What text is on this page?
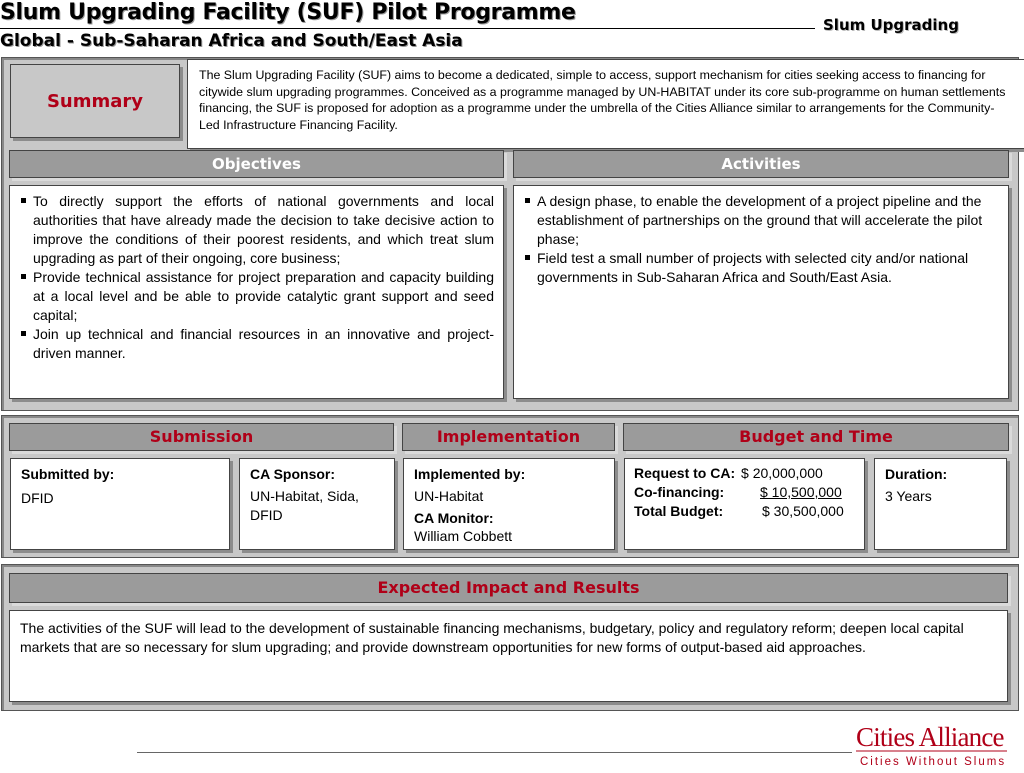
Slum Upgrading Facility (SUF) Pilot Programme
Global - Sub-Saharan Africa and South/East Asia
Slum Upgrading
Summary
The Slum Upgrading Facility (SUF) aims to become a dedicated, simple to access, support mechanism for cities seeking access to financing for citywide slum upgrading programmes. Conceived as a programme managed by UN-HABITAT under its core sub-programme on human settlements financing, the SUF is proposed for adoption as a programme under the umbrella of the Cities Alliance similar to arrangements for the Community-Led Infrastructure Financing Facility.
Objectives	Activities
To directly support the efforts of national governments and local authorities that have already made the decision to take decisive action to improve the conditions of their poorest residents, and which treat slum upgrading as part of their ongoing, core business;
Provide technical assistance for project preparation and capacity building at a local level and be able to provide catalytic grant support and seed capital;
Join up technical and financial resources in an innovative and project-driven manner.
A design phase, to enable the development of a project pipeline and the establishment of partnerships on the ground that will accelerate the pilot phase;
Field test a small number of projects with selected city and/or national governments in Sub-Saharan Africa and South/East Asia.
Submission	Implementation	Budget and Time
Submitted by:
DFID
CA Sponsor:
UN-Habitat, Sida, DFID
Implemented by:
UN-Habitat
CA Monitor:
William Cobbett
Request to CA: $ 20,000,000
Co-financing:	$ 10,500,000
Total Budget:	$ 30,500,000
Duration:
3 Years
Expected Impact and Results
The activities of the SUF will lead to the development of sustainable financing mechanisms, budgetary, policy and regulatory reform; deepen local capital markets that are so necessary for slum upgrading; and provide downstream opportunities for new forms of output-based aid approaches.
Cities Alliance
Cities Without Slums
